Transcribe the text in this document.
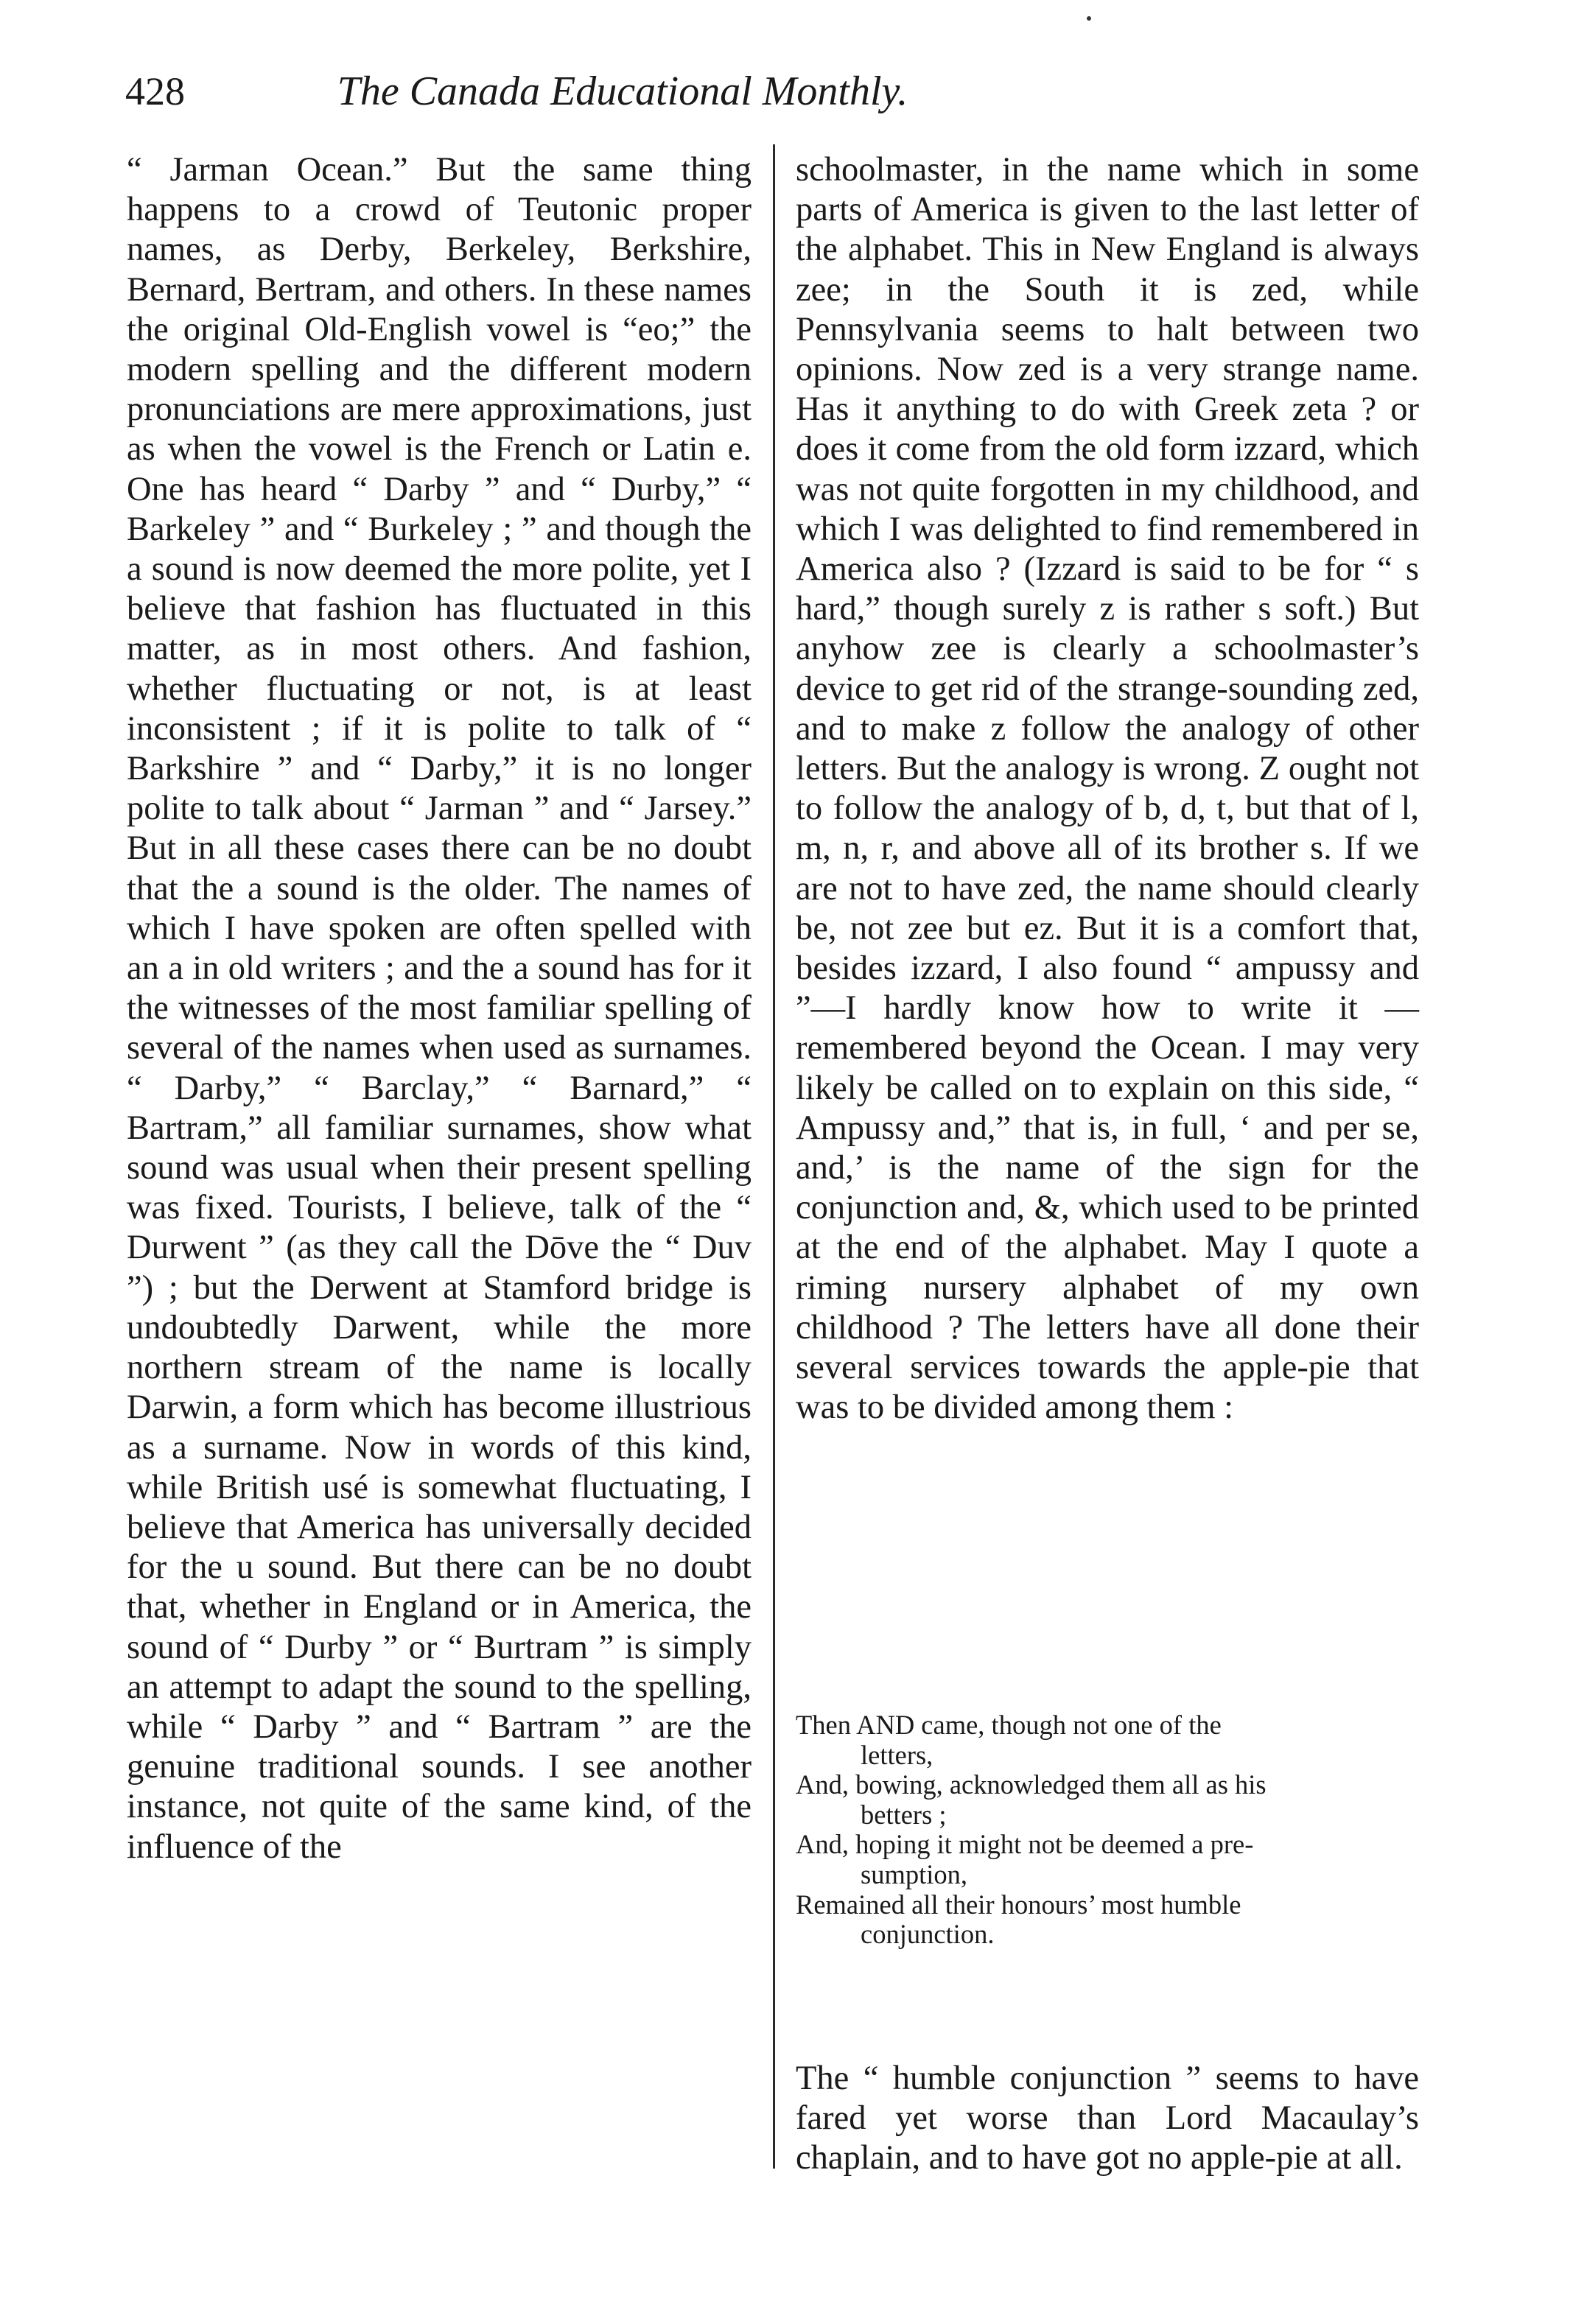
428	The Canada Educational Monthly.

“ Jarman Ocean.” But the same thing happens to a crowd of Teutonic proper names, as Derby, Berkeley, Berkshire, Bernard, Bertram, and others. In these names the original Old-English vowel is “eo;” the modern spelling and the different modern pronunciations are mere approximations, just as when the vowel is the French or Latin e. One has heard “ Darby ” and “ Durby,” “ Barkeley ” and “ Burkeley ; ” and though the a sound is now deemed the more polite, yet I believe that fashion has fluctuated in this matter, as in most others. And fashion, whether fluctuating or not, is at least inconsistent ; if it is polite to talk of “ Barkshire ” and “ Darby,” it is no longer polite to talk about “ Jarman ” and “ Jarsey.” But in all these cases there can be no doubt that the a sound is the older. The names of which I have spoken are often spelled with an a in old writers ; and the a sound has for it the witnesses of the most familiar spelling of several of the names when used as surnames. “ Darby,” “ Barclay,” “ Barnard,” “ Bartram,” all familiar surnames, show what sound was usual when their present spelling was fixed. Tourists, I believe, talk of the “ Durwent ” (as they call the Dōve the “ Duv ”) ; but the Derwent at Stamford bridge is undoubtedly Darwent, while the more northern stream of the name is locally Darwin, a form which has become illustrious as a surname. Now in words of this kind, while British usé is somewhat fluctuating, I believe that America has universally decided for the u sound. But there can be no doubt that, whether in England or in America, the sound of “ Durby ” or “ Burtram ” is simply an attempt to adapt the sound to the spelling, while “ Darby ” and “ Bartram ” are the genuine traditional sounds. I see another instance, not quite of the same kind, of the influence of the

schoolmaster, in the name which in some parts of America is given to the last letter of the alphabet. This in New England is always zee; in the South it is zed, while Pennsylvania seems to halt between two opinions. Now zed is a very strange name. Has it anything to do with Greek zeta ? or does it come from the old form izzard, which was not quite forgotten in my childhood, and which I was delighted to find remembered in America also ? (Izzard is said to be for “ s hard,” though surely z is rather s soft.) But anyhow zee is clearly a schoolmaster’s device to get rid of the strange-sounding zed, and to make z follow the analogy of other letters. But the analogy is wrong. Z ought not to follow the analogy of b, d, t, but that of l, m, n, r, and above all of its brother s. If we are not to have zed, the name should clearly be, not zee but ez. But it is a comfort that, besides izzard, I also found “ ampussy and ”—I hardly know how to write it —remembered beyond the Ocean. I may very likely be called on to explain on this side, “ Ampussy and,” that is, in full, ‘ and per se, and,’ is the name of the sign for the conjunction and, &, which used to be printed at the end of the alphabet. May I quote a riming nursery alphabet of my own childhood ? The letters have all done their several services towards the apple-pie that was to be divided among them :

Then AND came, though not one of the

letters,

And, bowing, acknowledged them all as his

betters ;

And, hoping it might not be deemed a pre-

sumption,

Remained all their honours’ most humble

conjunction.

The “ humble conjunction ” seems to have fared yet worse than Lord Macaulay’s chaplain, and to have got no apple-pie at all.
